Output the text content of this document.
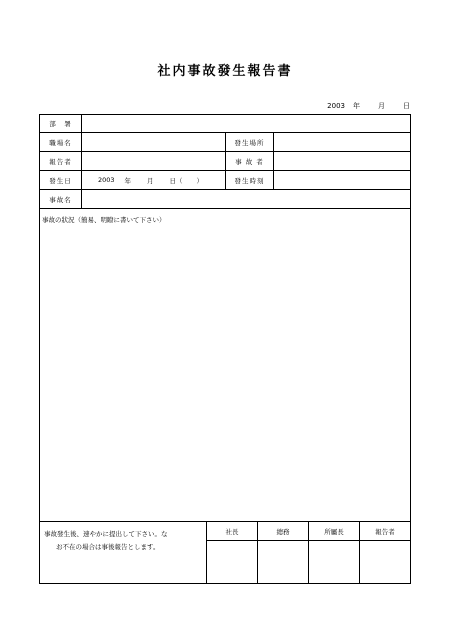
社内事故發生報告書
2003 年	月	日
部　署
職場名	發生場所
報告者	事 故 者
發生日	2003 年 月 日（ ）	發生時刻
事故名
事故の狀況（簡易、明瞭に書いて下さい）
事故發生後、速やかに提出して下さい。な
お不在の場合は事後報告とします。
社長	總務	所屬長	報告者
